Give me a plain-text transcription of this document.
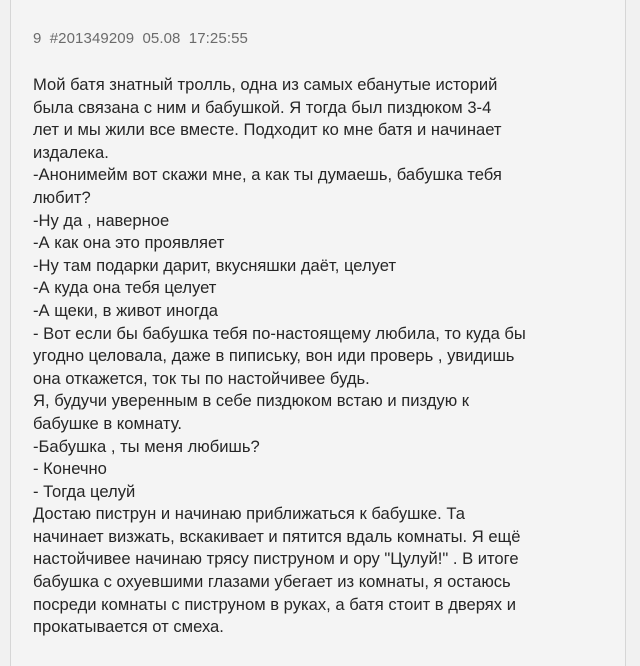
9 #201349209 05.08 17:25:55
Мой батя знатный тролль, одна из самых ебанутые историй
была связана с ним и бабушкой. Я тогда был пиздюком 3-4
лет и мы жили все вместе. Подходит ко мне батя и начинает
издалека.
-Анонимейм вот скажи мне, а как ты думаешь, бабушка тебя
любит?
-Ну да , наверное
-А как она это проявляет
-Ну там подарки дарит, вкусняшки даёт, целует
-А куда она тебя целует
-А щеки, в живот иногда
- Вот если бы бабушка тебя по-настоящему любила, то куда бы
угодно целовала, даже в пипиську, вон иди проверь , увидишь
она откажется, ток ты по настойчивее будь.
Я, будучи уверенным в себе пиздюком встаю и пиздую к
бабушке в комнату.
-Бабушка , ты меня любишь?
- Конечно
- Тогда целуй
Достаю пиструн и начинаю приближаться к бабушке. Та
начинает визжать, вскакивает и пятится вдаль комнаты. Я ещё
настойчивее начинаю трясу пиструном и ору "Цулуй!" . В итоге
бабушка с охуевшими глазами убегает из комнаты, я остаюсь
посреди комнаты с пиструном в руках, а батя стоит в дверях и
прокатывается от смеха.
